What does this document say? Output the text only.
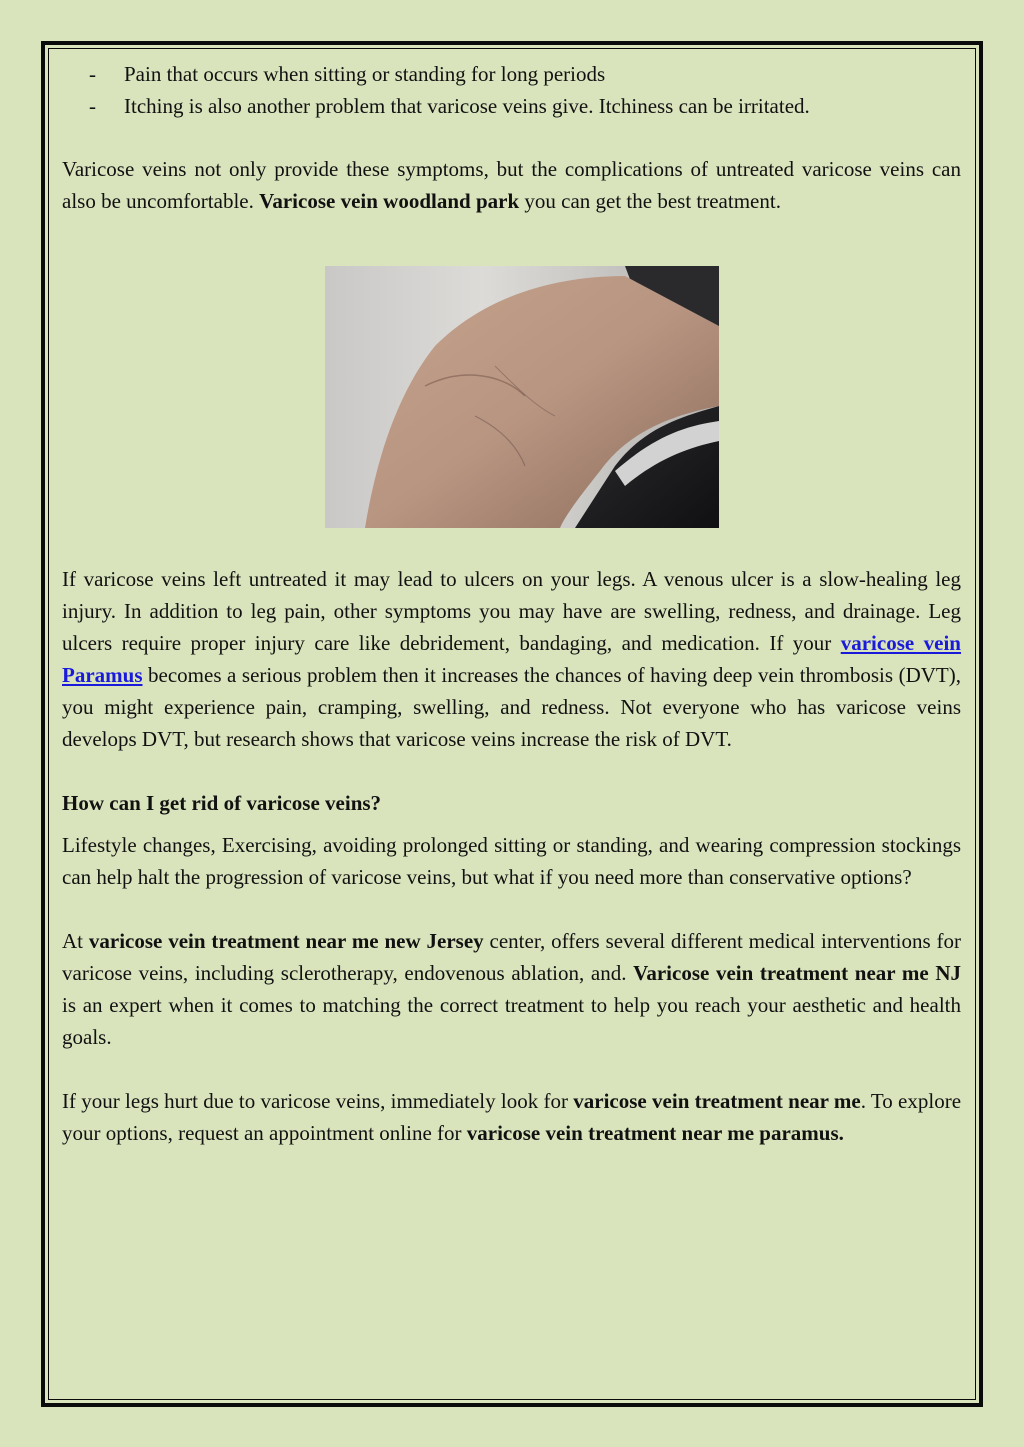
- Pain that occurs when sitting or standing for long periods
- Itching is also another problem that varicose veins give. Itchiness can be irritated.

Varicose veins not only provide these symptoms, but the complications of untreated varicose veins can also be uncomfortable. Varicose vein woodland park you can get the best treatment.

If varicose veins left untreated it may lead to ulcers on your legs. A venous ulcer is a slow-healing leg injury. In addition to leg pain, other symptoms you may have are swelling, redness, and drainage. Leg ulcers require proper injury care like debridement, bandaging, and medication. If your varicose vein Paramus becomes a serious problem then it increases the chances of having deep vein thrombosis (DVT), you might experience pain, cramping, swelling, and redness. Not everyone who has varicose veins develops DVT, but research shows that varicose veins increase the risk of DVT.

How can I get rid of varicose veins?

Lifestyle changes, Exercising, avoiding prolonged sitting or standing, and wearing compression stockings can help halt the progression of varicose veins, but what if you need more than conservative options?

At varicose vein treatment near me new Jersey center, offers several different medical interventions for varicose veins, including sclerotherapy, endovenous ablation, and. Varicose vein treatment near me NJ is an expert when it comes to matching the correct treatment to help you reach your aesthetic and health goals.

If your legs hurt due to varicose veins, immediately look for varicose vein treatment near me. To explore your options, request an appointment online for varicose vein treatment near me paramus.
